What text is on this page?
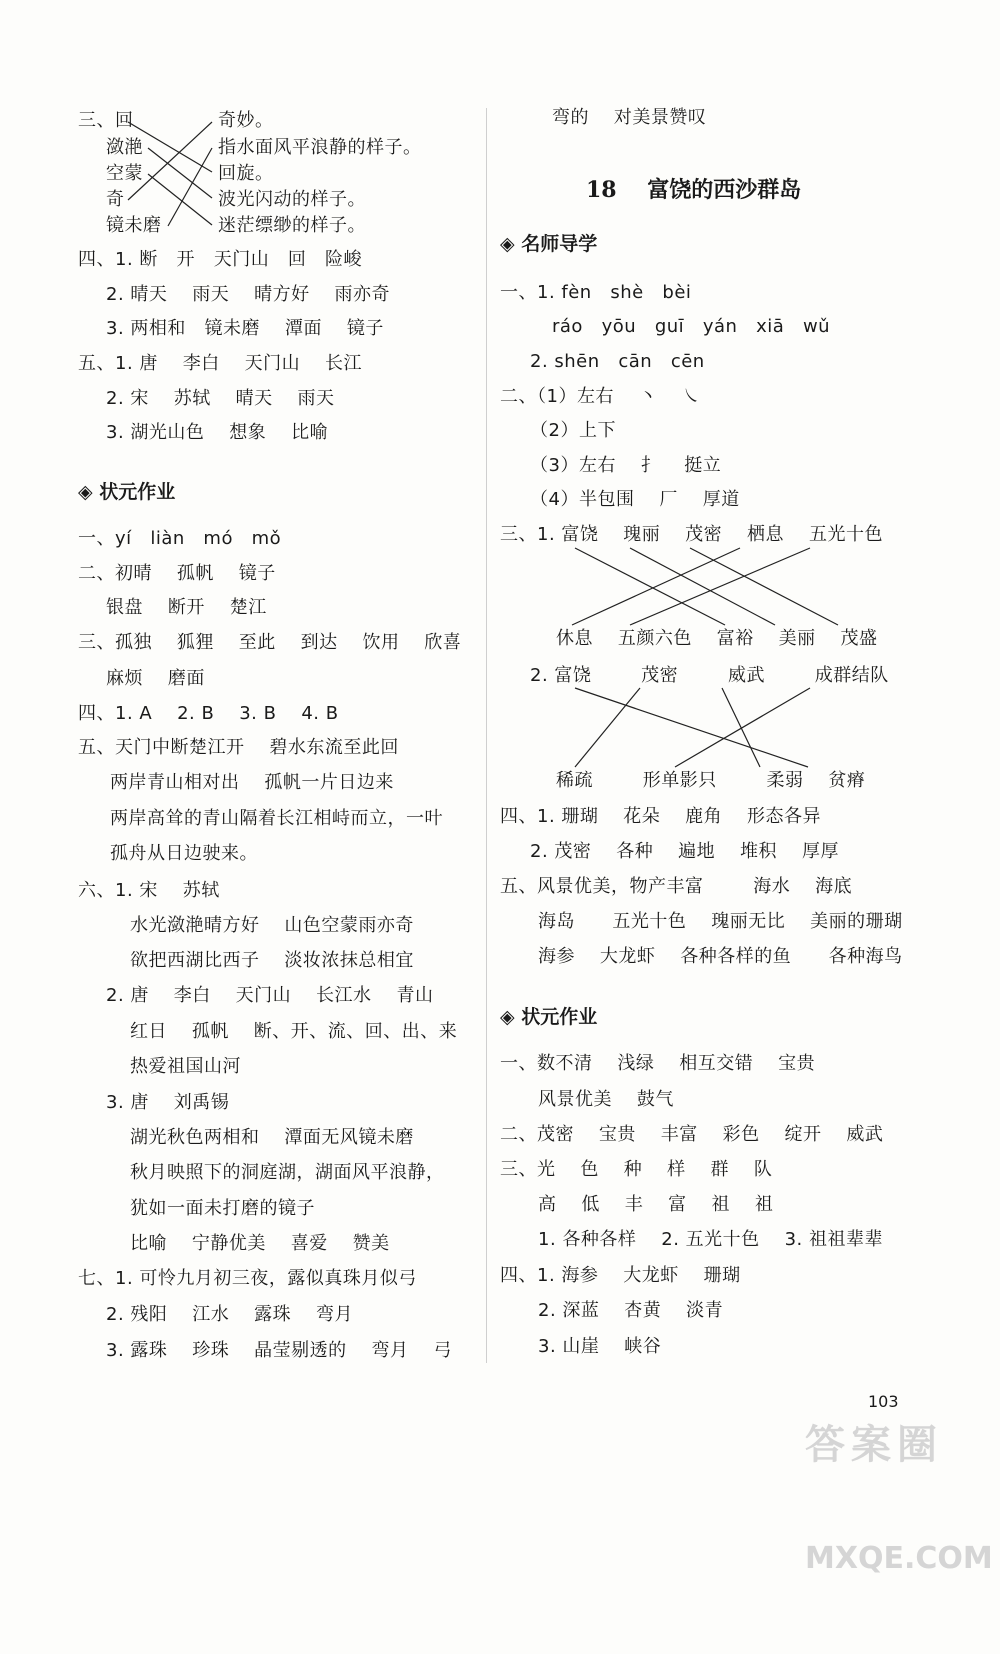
三、回	奇妙。
潋滟	指水面风平浪静的样子。
空蒙	回旋。
奇	波光闪动的样子。
镜未磨	迷茫缥缈的样子。
四、1. 断   开   天门山   回   险峻
2. 晴天    雨天    晴方好    雨亦奇
3. 两相和   镜未磨    潭面    镜子
五、1. 唐    李白    天门山    长江
2. 宋    苏轼    晴天    雨天
3. 湖光山色    想象    比喻
一、yí   liàn   mó   mǒ
二、初晴    孤帆    镜子
银盘    断开    楚江
三、孤独    狐狸    至此    到达    饮用    欣喜
麻烦    磨面
四、1. A    2. B    3. B    4. B
五、天门中断楚江开    碧水东流至此回
两岸青山相对出    孤帆一片日边来
两岸高耸的青山隔着长江相峙而立，一叶
孤舟从日边驶来。
六、1. 宋    苏轼
水光潋滟晴方好    山色空蒙雨亦奇
欲把西湖比西子    淡妆浓抹总相宜
2. 唐    李白    天门山    长江水    青山
红日    孤帆    断、开、流、回、出、来
热爱祖国山河
3. 唐    刘禹锡
湖光秋色两相和    潭面无风镜未磨
秋月映照下的洞庭湖，湖面风平浪静，
犹如一面未打磨的镜子
比喻    宁静优美    喜爱    赞美
七、1. 可怜九月初三夜，露似真珠月似弓
2. 残阳    江水    露珠    弯月
3. 露珠    珍珠    晶莹剔透的    弯月    弓
◈ 状元作业
18    富饶的西沙群岛
◈ 名师导学
◈ 状元作业
弯的    对美景赞叹
一、1. fèn   shè   bèi
ráo   yōu   guī   yán   xiā   wǔ
2. shēn   cān   cēn
二、（1）左右    丶    ㇏
（2）上下
（3）左右    扌    挺立
（4）半包围    厂    厚道
三、1. 富饶    瑰丽    茂密    栖息    五光十色
休息    五颜六色    富裕    美丽    茂盛
2. 富饶        茂密        威武        成群结队
稀疏        形单影只        柔弱    贫瘠
四、1. 珊瑚    花朵    鹿角    形态各异
2. 茂密    各种    遍地    堆积    厚厚
五、风景优美，物产丰富        海水    海底
海岛      五光十色    瑰丽无比    美丽的珊瑚
海参    大龙虾    各种各样的鱼      各种海鸟
一、数不清    浅绿    相互交错    宝贵
风景优美    鼓气
二、茂密    宝贵    丰富    彩色    绽开    威武
三、光    色    种    样    群    队
高    低    丰    富    祖    祖
1. 各种各样    2. 五光十色    3. 祖祖辈辈
四、1. 海参    大龙虾    珊瑚
2. 深蓝    杏黄    淡青
3. 山崖    峡谷
103

答案圈

MXQE.COM
